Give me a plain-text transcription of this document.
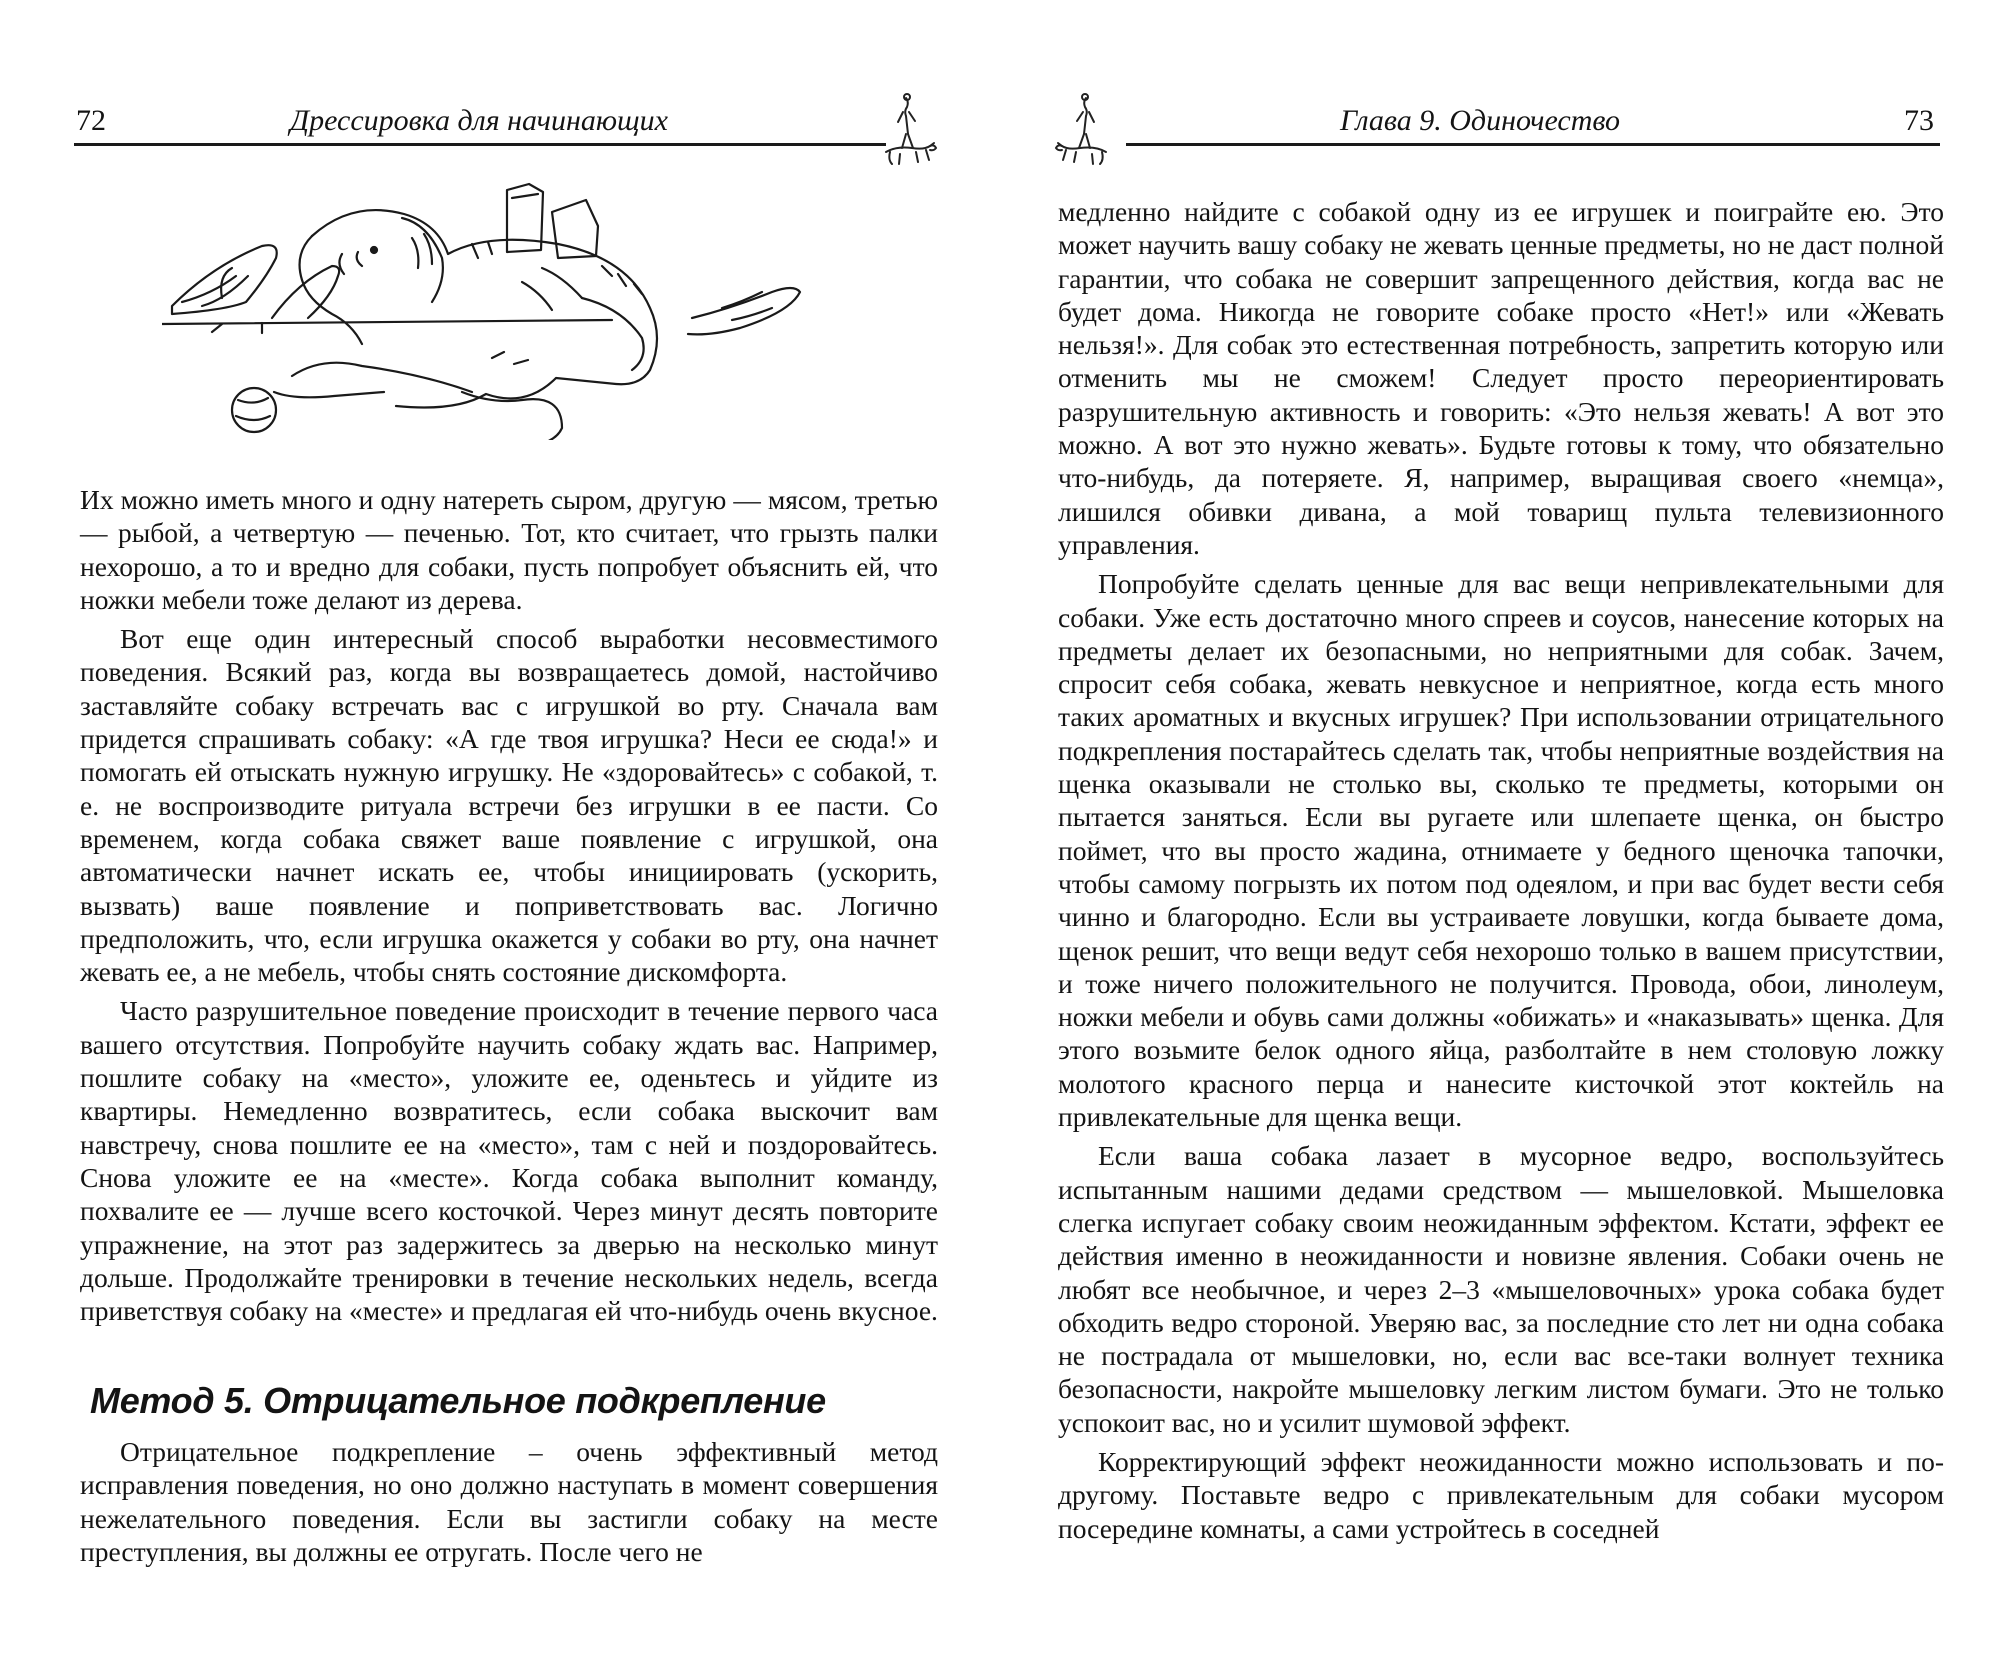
72	Дрессировка для начинающих

Их можно иметь много и одну натереть сыром, другую — мясом, третью — рыбой, а четвертую — печенью. Тот, кто считает, что грызть палки нехорошо, а то и вредно для собаки, пусть попробует объяснить ей, что ножки мебели тоже делают из дерева.

Вот еще один интересный способ выработки несовместимого поведения. Всякий раз, когда вы возвращаетесь домой, настойчиво заставляйте собаку встречать вас с игрушкой во рту. Сначала вам придется спрашивать собаку: «А где твоя игрушка? Неси ее сюда!» и помогать ей отыскать нужную игрушку. Не «здоровайтесь» с собакой, т. е. не воспроизводите ритуала встречи без игрушки в ее пасти. Со временем, когда собака свяжет ваше появление с игрушкой, она автоматически начнет искать ее, чтобы инициировать (ускорить, вызвать) ваше появление и поприветствовать вас. Логично предположить, что, если игрушка окажется у собаки во рту, она начнет жевать ее, а не мебель, чтобы снять состояние дискомфорта.

Часто разрушительное поведение происходит в течение первого часа вашего отсутствия. Попробуйте научить собаку ждать вас. Например, пошлите собаку на «место», уложите ее, оденьтесь и уйдите из квартиры. Немедленно возвратитесь, если собака выскочит вам навстречу, снова пошлите ее на «место», там с ней и поздоровайтесь. Снова уложите ее на «месте». Когда собака выполнит команду, похвалите ее — лучше всего косточкой. Через минут десять повторите упражнение, на этот раз задержитесь за дверью на несколько минут дольше. Продолжайте тренировки в течение нескольких недель, всегда приветствуя собаку на «месте» и предлагая ей что-нибудь очень вкусное.

Метод 5. Отрицательное подкрепление

Отрицательное подкрепление – очень эффективный метод исправления поведения, но оно должно наступать в момент совершения нежелательного поведения. Если вы застигли собаку на месте преступления, вы должны ее отругать. После чего не

Глава 9. Одиночество	73

медленно найдите с собакой одну из ее игрушек и поиграйте ею. Это может научить вашу собаку не жевать ценные предметы, но не даст полной гарантии, что собака не совершит запрещенного действия, когда вас не будет дома. Никогда не говорите собаке просто «Нет!» или «Жевать нельзя!». Для собак это естественная потребность, запретить которую или отменить мы не сможем! Следует просто переориентировать разрушительную активность и говорить: «Это нельзя жевать! А вот это можно. А вот это нужно жевать». Будьте готовы к тому, что обязательно что-нибудь, да потеряете. Я, например, выращивая своего «немца», лишился обивки дивана, а мой товарищ пульта телевизионного управления.

Попробуйте сделать ценные для вас вещи непривлекательными для собаки. Уже есть достаточно много спреев и соусов, нанесение которых на предметы делает их безопасными, но неприятными для собак. Зачем, спросит себя собака, жевать невкусное и неприятное, когда есть много таких ароматных и вкусных игрушек? При использовании отрицательного подкрепления постарайтесь сделать так, чтобы неприятные воздействия на щенка оказывали не столько вы, сколько те предметы, которыми он пытается заняться. Если вы ругаете или шлепаете щенка, он быстро поймет, что вы просто жадина, отнимаете у бедного щеночка тапочки, чтобы самому погрызть их потом под одеялом, и при вас будет вести себя чинно и благородно. Если вы устраиваете ловушки, когда бываете дома, щенок решит, что вещи ведут себя нехорошо только в вашем присутствии, и тоже ничего положительного не получится. Провода, обои, линолеум, ножки мебели и обувь сами должны «обижать» и «наказывать» щенка. Для этого возьмите белок одного яйца, разболтайте в нем столовую ложку молотого красного перца и нанесите кисточкой этот коктейль на привлекательные для щенка вещи.

Если ваша собака лазает в мусорное ведро, воспользуйтесь испытанным нашими дедами средством — мышеловкой. Мышеловка слегка испугает собаку своим неожиданным эффектом. Кстати, эффект ее действия именно в неожиданности и новизне явления. Собаки очень не любят все необычное, и через 2–3 «мышеловочных» урока собака будет обходить ведро стороной. Уверяю вас, за последние сто лет ни одна собака не пострадала от мышеловки, но, если вас все-таки волнует техника безопасности, накройте мышеловку легким листом бумаги. Это не только успокоит вас, но и усилит шумовой эффект.

Корректирующий эффект неожиданности можно использовать и по-другому. Поставьте ведро с привлекательным для собаки мусором посередине комнаты, а сами устройтесь в соседней
